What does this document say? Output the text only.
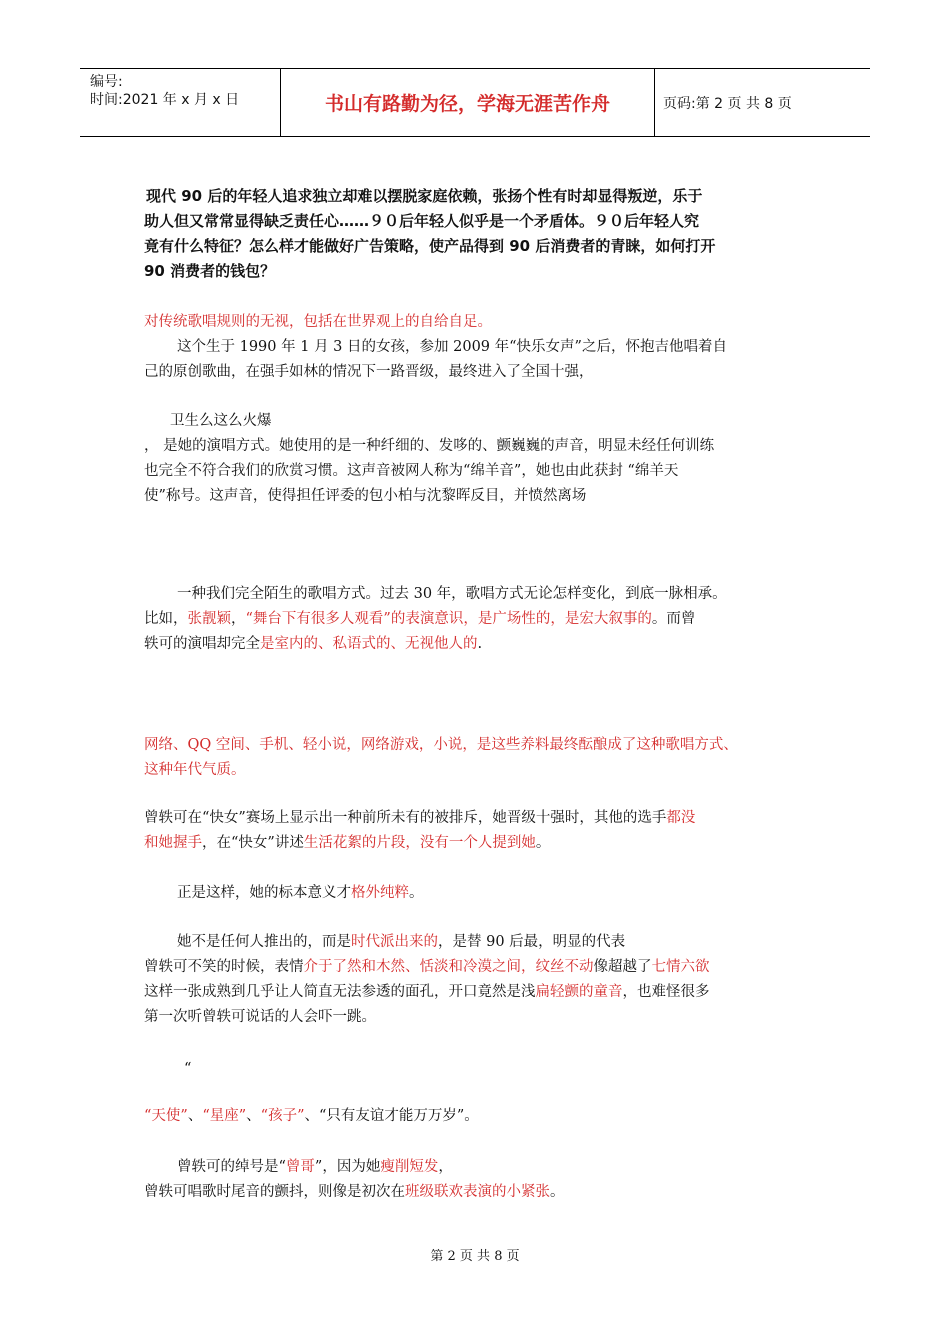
编号:
时间:2021 年 x 月 x 日	书山有路勤为径，学海无涯苦作舟	页码:第 2 页 共 8 页
现代 90 后的年轻人追求独立却难以摆脱家庭依赖，张扬个性有时却显得叛逆，乐于
助人但又常常显得缺乏责任心……９０后年轻人似乎是一个矛盾体。９０后年轻人究
竟有什么特征？怎么样才能做好广告策略，使产品得到 90 后消费者的青睐，如何打开
90 消费者的钱包？
对传统歌唱规则的无视，包括在世界观上的自给自足。
这个生于 1990 年 1 月 3 日的女孩，参加 2009 年“快乐女声”之后，怀抱吉他唱着自
己的原创歌曲，在强手如林的情况下一路晋级，最终进入了全国十强，
卫生么这么火爆
， 是她的演唱方式。她使用的是一种纤细的、发哆的、颤巍巍的声音，明显未经任何训练
也完全不符合我们的欣赏习惯。这声音被网人称为“绵羊音”，她也由此获封 “绵羊天
使”称号。这声音，使得担任评委的包小柏与沈黎晖反目，并愤然离场
一种我们完全陌生的歌唱方式。过去 30 年，歌唱方式无论怎样变化，到底一脉相承。
比如，张靓颖，“舞台下有很多人观看”的表演意识，是广场性的，是宏大叙事的。而曾
轶可的演唱却完全是室内的、私语式的、无视他人的.
网络、QQ 空间、手机、轻小说，网络游戏，小说，是这些养料最终酝酿成了这种歌唱方式、
这种年代气质。
曾轶可在“快女”赛场上显示出一种前所未有的被排斥，她晋级十强时，其他的选手都没
和她握手，在“快女”讲述生活花絮的片段，没有一个人提到她。
正是这样，她的标本意义才格外纯粹。
她不是任何人推出的，而是时代派出来的，是替 90 后最，明显的代表
曾轶可不笑的时候，表情介于了然和木然、恬淡和冷漠之间，纹丝不动像超越了七情六欲
这样一张成熟到几乎让人简直无法参透的面孔，开口竟然是浅扁轻颤的童音，也难怪很多
第一次听曾轶可说话的人会吓一跳。
“
“天使”、“星座”、“孩子”、“只有友谊才能万万岁”。
曾轶可的绰号是“曾哥”，因为她瘦削短发，
曾轶可唱歌时尾音的颤抖，则像是初次在班级联欢表演的小紧张。
第 2 页 共 8 页
